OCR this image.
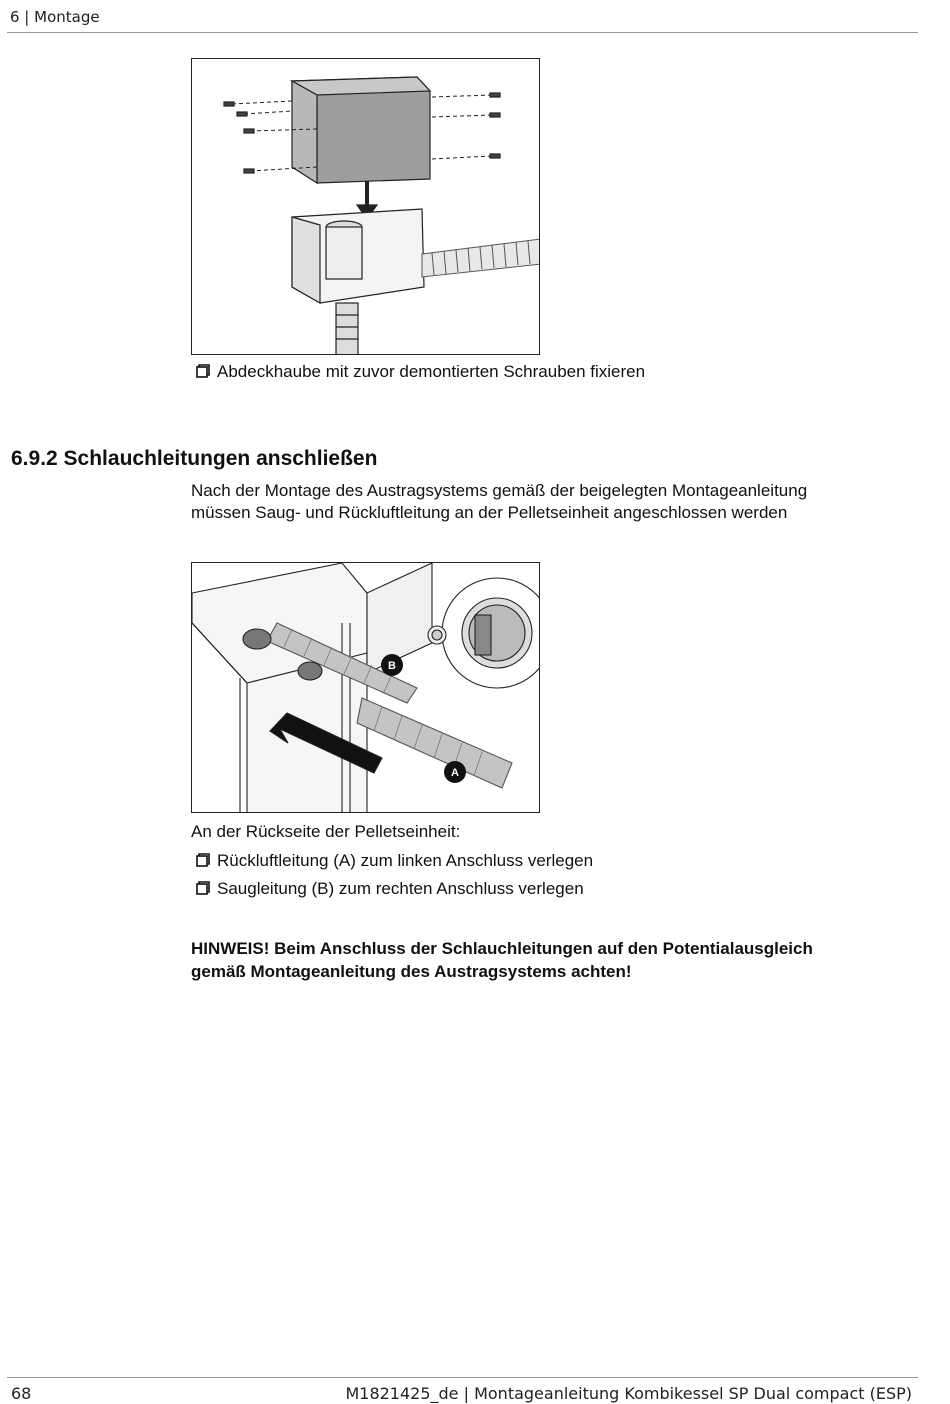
6 | Montage
Abdeckhaube mit zuvor demontierten Schrauben fixieren
6.9.2 Schlauchleitungen anschließen
Nach der Montage des Austragsystems gemäß der beigelegten Montageanleitung
müssen Saug- und Rückluftleitung an der Pelletseinheit angeschlossen werden
B
A
An der Rückseite der Pelletseinheit:
Rückluftleitung (A) zum linken Anschluss verlegen
Saugleitung (B) zum rechten Anschluss verlegen
HINWEIS! Beim Anschluss der Schlauchleitungen auf den Potentialausgleich
gemäß Montageanleitung des Austragsystems achten!
68	M1821425_de | Montageanleitung Kombikessel SP Dual compact (ESP)
